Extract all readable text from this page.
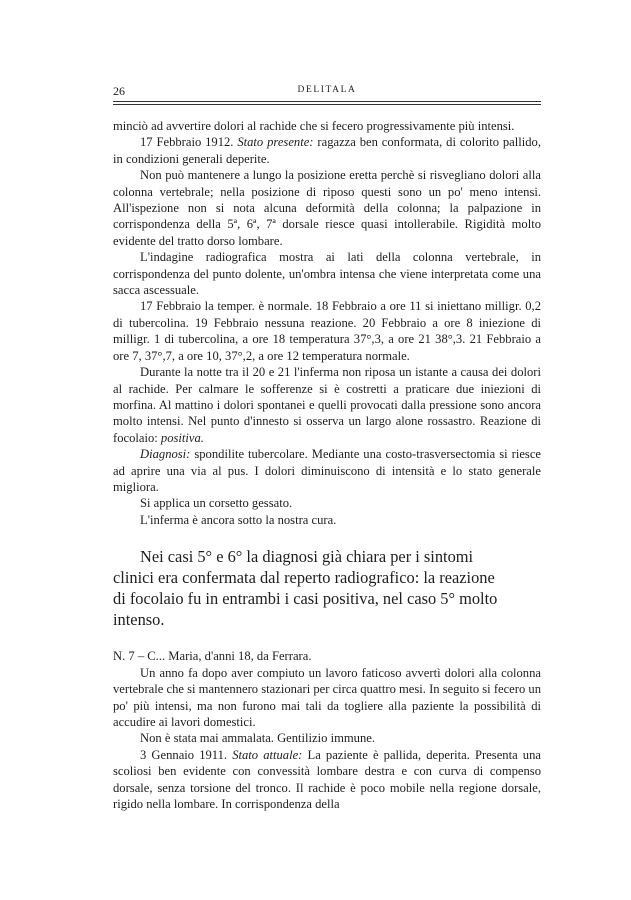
26	DELITALA

minciò ad avvertire dolori al rachide che si fecero progressivamente più intensi.

17 Febbraio 1912. Stato presente: ragazza ben conformata, di colorito pallido, in condizioni generali deperite.

Non può mantenere a lungo la posizione eretta perchè si risvegliano dolori alla colonna vertebrale; nella posizione di riposo questi sono un po' meno intensi. All'ispezione non si nota alcuna deformità della colonna; la palpazione in corrispondenza della 5ª, 6ª, 7ª dorsale riesce quasi intollerabile. Rigidità molto evidente del tratto dorso lombare.

L'indagine radiografica mostra ai lati della colonna vertebrale, in corrispondenza del punto dolente, un'ombra intensa che viene interpretata come una sacca ascessuale.

17 Febbraio la temper. è normale. 18 Febbraio a ore 11 si iniettano milligr. 0,2 di tubercolina. 19 Febbraio nessuna reazione. 20 Febbraio a ore 8 iniezione di milligr. 1 di tubercolina, a ore 18 temperatura 37°,3, a ore 21 38°,3. 21 Febbraio a ore 7, 37°,7, a ore 10, 37°,2, a ore 12 temperatura normale.

Durante la notte tra il 20 e 21 l'inferma non riposa un istante a causa dei dolori al rachide. Per calmare le sofferenze si è costretti a praticare due iniezioni di morfina. Al mattino i dolori spontanei e quelli provocati dalla pressione sono ancora molto intensi. Nel punto d'innesto si osserva un largo alone rossastro. Reazione di focolaio: positiva.

Diagnosi: spondilite tubercolare. Mediante una costo-trasversectomia si riesce ad aprire una via al pus. I dolori diminuiscono di intensità e lo stato generale migliora.

Si applica un corsetto gessato.

L'inferma è ancora sotto la nostra cura.

Nei casi 5° e 6° la diagnosi già chiara per i sintomi
clinici era confermata dal reperto radiografico: la reazione
di focolaio fu in entrambi i casi positiva, nel caso 5° molto
intenso.

N. 7 – C... Maria, d'anni 18, da Ferrara.

Un anno fa dopo aver compiuto un lavoro faticoso avvertì dolori alla colonna vertebrale che si mantennero stazionari per circa quattro mesi. In seguito si fecero un po' più intensi, ma non furono mai tali da togliere alla paziente la possibilità di accudire ai lavori domestici.

Non è stata mai ammalata. Gentilizio immune.

3 Gennaio 1911. Stato attuale: La paziente è pallida, deperita. Presenta una scoliosi ben evidente con convessità lombare destra e con curva di compenso dorsale, senza torsione del tronco. Il rachide è poco mobile nella regione dorsale, rigido nella lombare. In corrispondenza della
